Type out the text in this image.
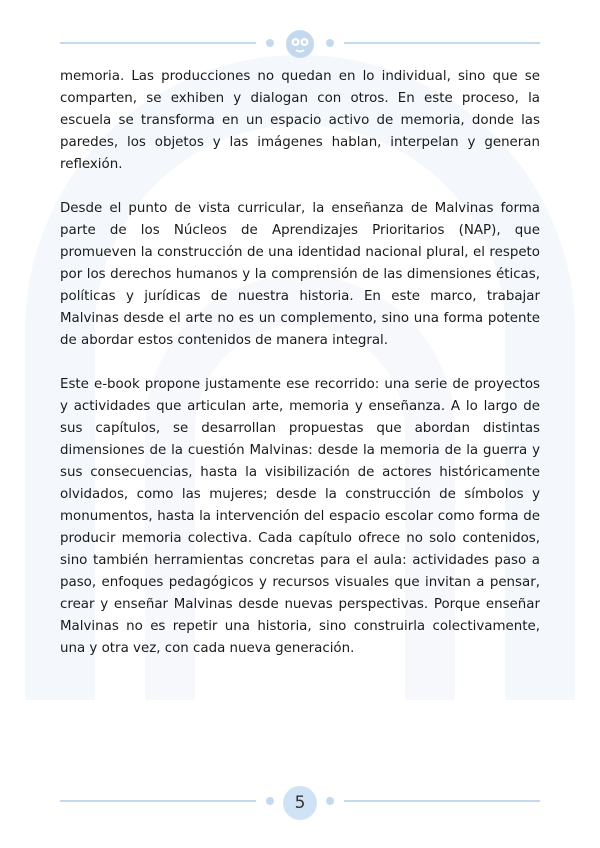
memoria. Las producciones no quedan en lo individual, sino que se comparten, se exhiben y dialogan con otros. En este proceso, la escuela se transforma en un espacio activo de memoria, donde las paredes, los objetos y las imágenes hablan, interpelan y generan reflexión.

Desde el punto de vista curricular, la enseñanza de Malvinas forma parte de los Núcleos de Aprendizajes Prioritarios (NAP), que promueven la construcción de una identidad nacional plural, el respeto por los derechos humanos y la comprensión de las dimensiones éticas, políticas y jurídicas de nuestra historia. En este marco, trabajar Malvinas desde el arte no es un complemento, sino una forma potente de abordar estos contenidos de manera integral.

Este e-book propone justamente ese recorrido: una serie de proyectos y actividades que articulan arte, memoria y enseñanza. A lo largo de sus capítulos, se desarrollan propuestas que abordan distintas dimensiones de la cuestión Malvinas: desde la memoria de la guerra y sus consecuencias, hasta la visibilización de actores históricamente olvidados, como las mujeres; desde la construcción de símbolos y monumentos, hasta la intervención del espacio escolar como forma de producir memoria colectiva. Cada capítulo ofrece no solo contenidos, sino también herramientas concretas para el aula: actividades paso a paso, enfoques pedagógicos y recursos visuales que invitan a pensar, crear y enseñar Malvinas desde nuevas perspectivas. Porque enseñar Malvinas no es repetir una historia, sino construirla colectivamente, una y otra vez, con cada nueva generación.

5
